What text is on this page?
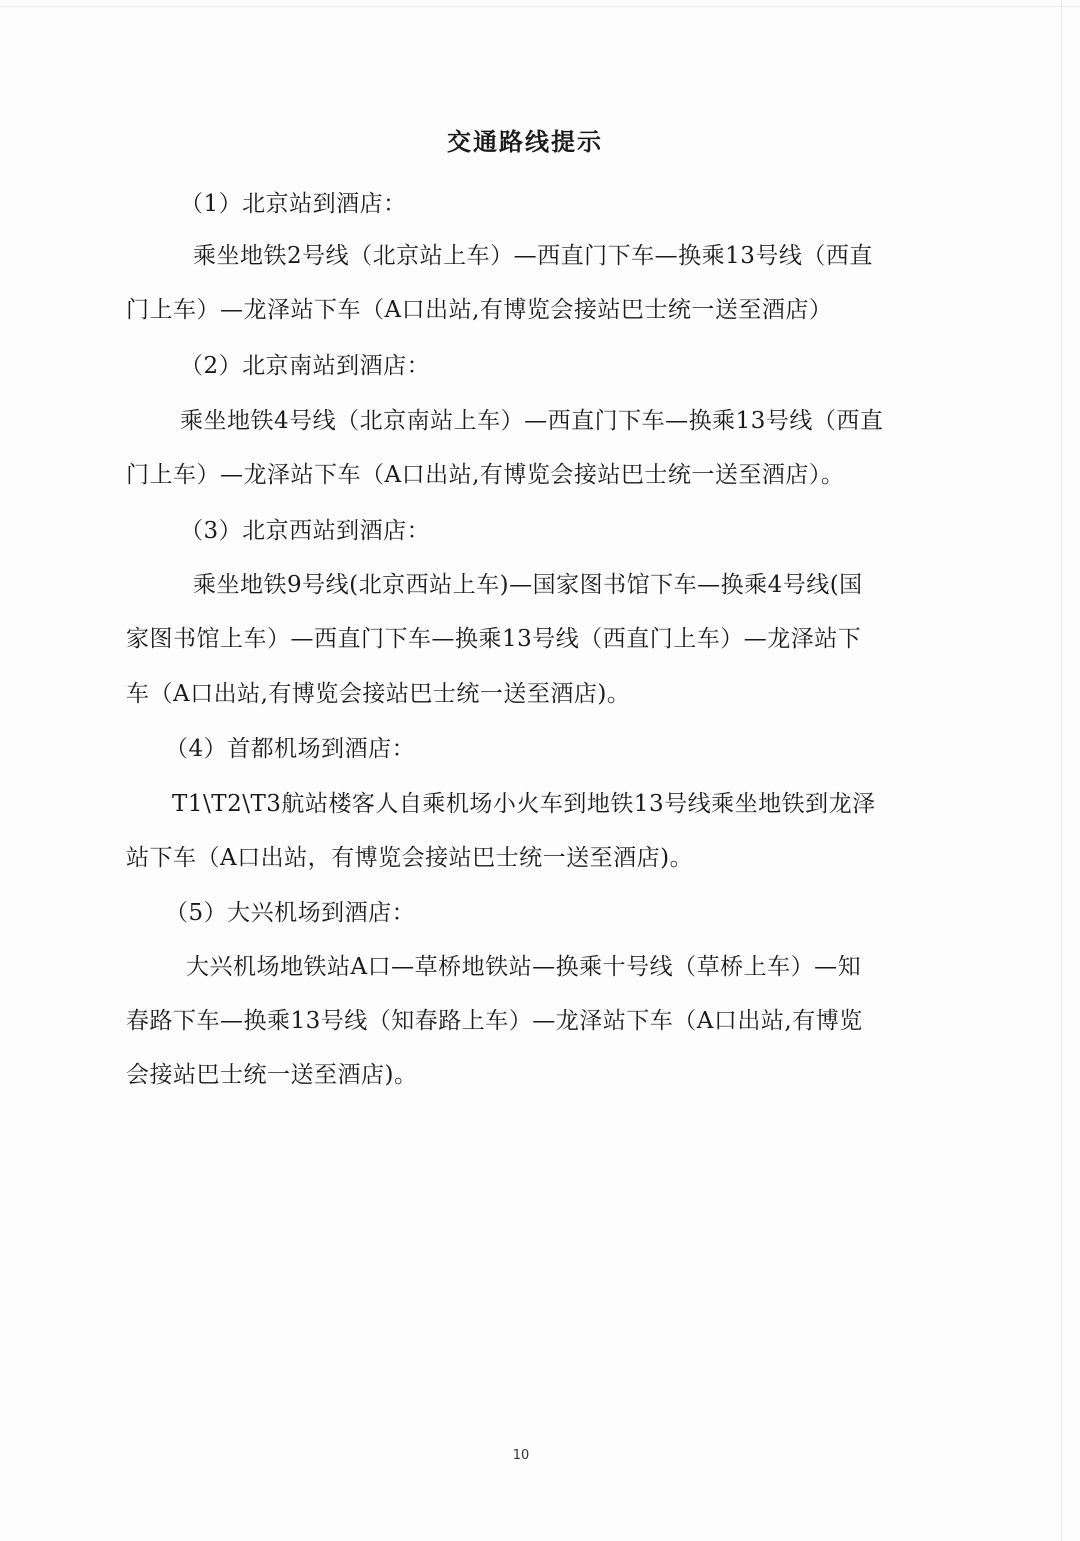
交通路线提示
（1）北京站到酒店：
乘坐地铁2号线（北京站上车）—西直门下车—换乘13号线（西直
门上车）—龙泽站下车（A口出站,有博览会接站巴士统一送至酒店）
（2）北京南站到酒店：
乘坐地铁4号线（北京南站上车）—西直门下车—换乘13号线（西直
门上车）—龙泽站下车（A口出站,有博览会接站巴士统一送至酒店）。
（3）北京西站到酒店：
乘坐地铁9号线(北京西站上车)—国家图书馆下车—换乘4号线(国
家图书馆上车）—西直门下车—换乘13号线（西直门上车）—龙泽站下
车（A口出站,有博览会接站巴士统一送至酒店)。
（4）首都机场到酒店：
T1\T2\T3航站楼客人自乘机场小火车到地铁13号线乘坐地铁到龙泽
站下车（A口出站，有博览会接站巴士统一送至酒店)。
（5）大兴机场到酒店：
大兴机场地铁站A口—草桥地铁站—换乘十号线（草桥上车）—知
春路下车—换乘13号线（知春路上车）—龙泽站下车（A口出站,有博览
会接站巴士统一送至酒店)。
10
